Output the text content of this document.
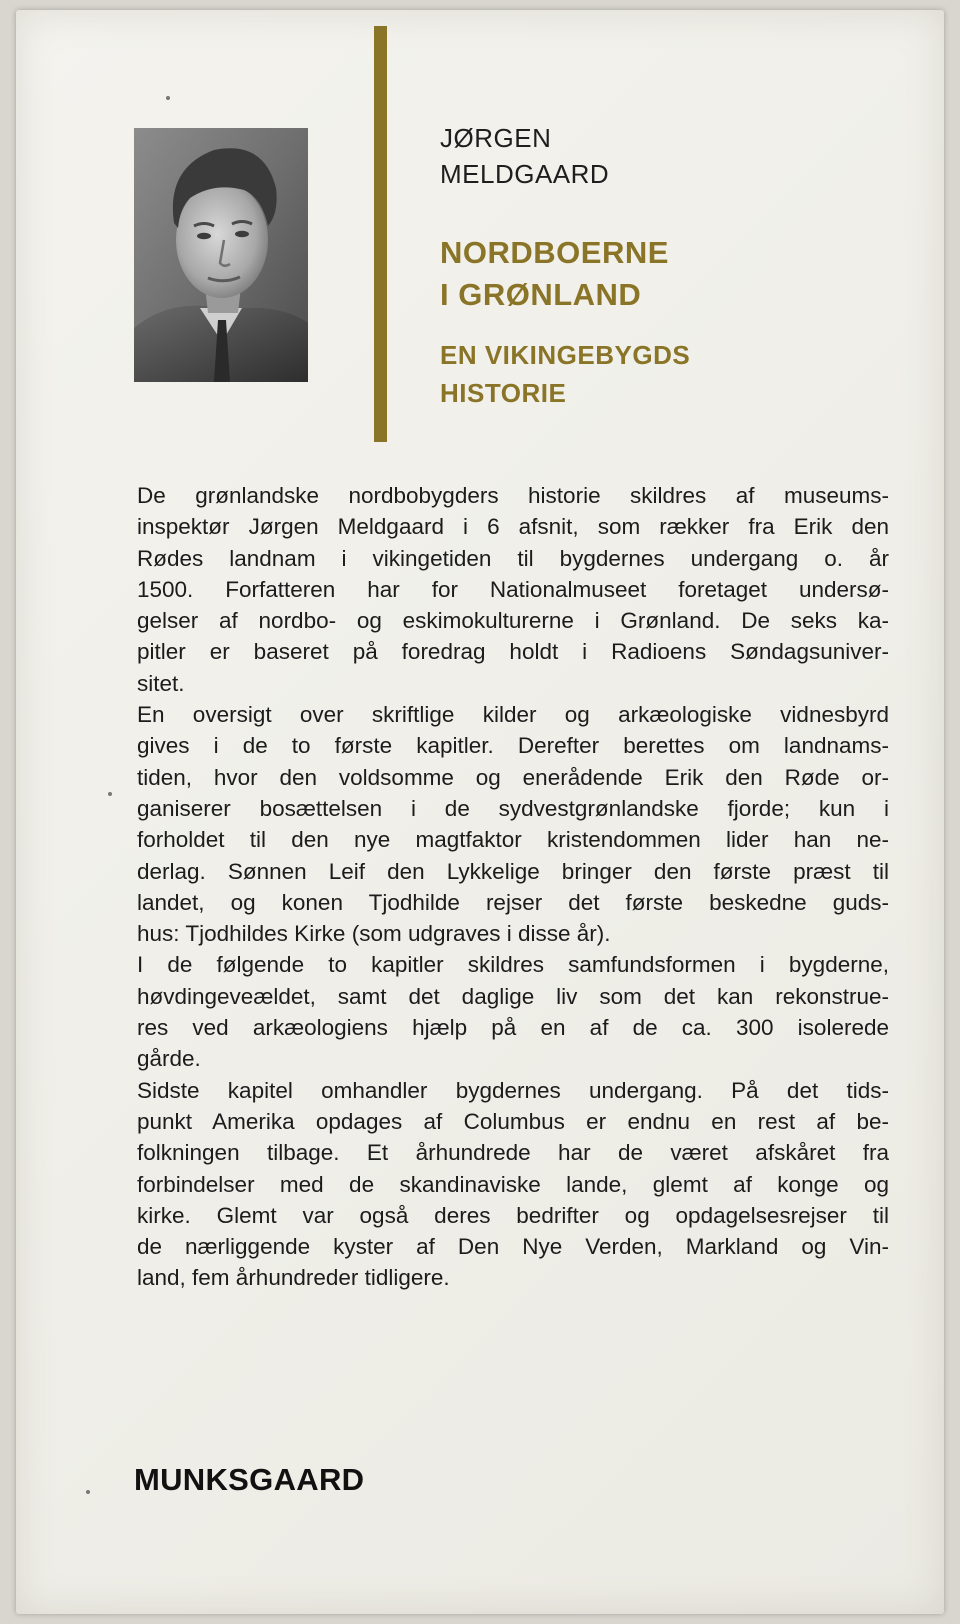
JØRGEN
MELDGAARD
NORDBOERNE
I GRØNLAND
EN VIKINGEBYGDS
HISTORIE
De grønlandske nordbobygders historie skildres af museums-
inspektør Jørgen Meldgaard i 6 afsnit, som rækker fra Erik den
Rødes landnam i vikingetiden til bygdernes undergang o. år
1500. Forfatteren har for Nationalmuseet foretaget undersø-
gelser af nordbo- og eskimokulturerne i Grønland. De seks ka-
pitler er baseret på foredrag holdt i Radioens Søndagsuniver-
sitet.
En oversigt over skriftlige kilder og arkæologiske vidnesbyrd
gives i de to første kapitler. Derefter berettes om landnams-
tiden, hvor den voldsomme og enerådende Erik den Røde or-
ganiserer bosættelsen i de sydvestgrønlandske fjorde; kun i
forholdet til den nye magtfaktor kristendommen lider han ne-
derlag. Sønnen Leif den Lykkelige bringer den første præst til
landet, og konen Tjodhilde rejser det første beskedne guds-
hus: Tjodhildes Kirke (som udgraves i disse år).
I de følgende to kapitler skildres samfundsformen i bygderne,
høvdingeveældet, samt det daglige liv som det kan rekonstrue-
res ved arkæologiens hjælp på en af de ca. 300 isolerede
gårde.
Sidste kapitel omhandler bygdernes undergang. På det tids-
punkt Amerika opdages af Columbus er endnu en rest af be-
folkningen tilbage. Et århundrede har de været afskåret fra
forbindelser med de skandinaviske lande, glemt af konge og
kirke. Glemt var også deres bedrifter og opdagelsesrejser til
de nærliggende kyster af Den Nye Verden, Markland og Vin-
land, fem århundreder tidligere.
MUNKSGAARD
